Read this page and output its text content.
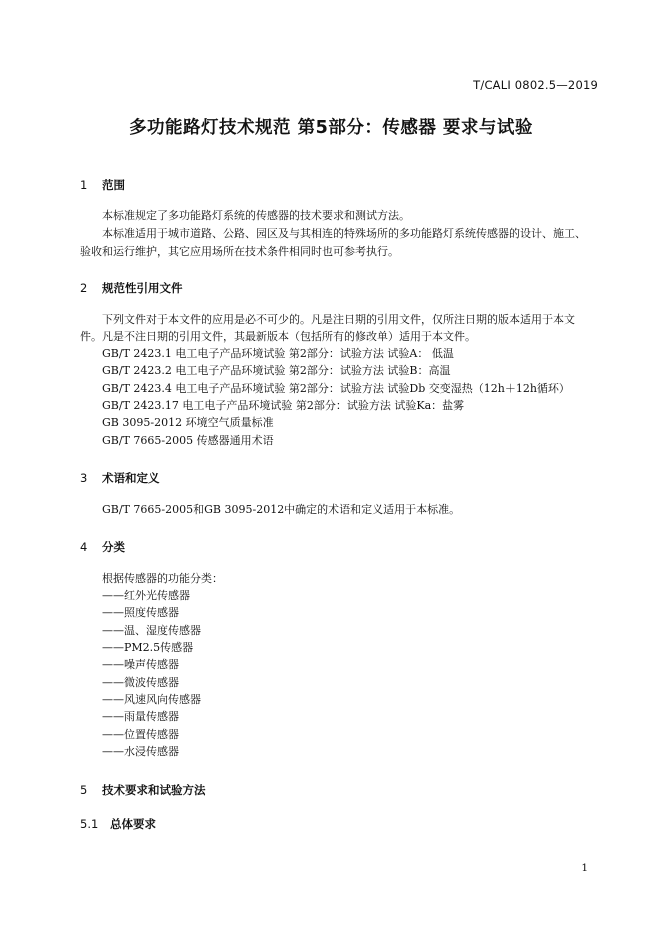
T/CALI 0802.5—2019
多功能路灯技术规范 第5部分：传感器 要求与试验
1 范围
本标准规定了多功能路灯系统的传感器的技术要求和测试方法。
本标准适用于城市道路、公路、园区及与其相连的特殊场所的多功能路灯系统传感器的设计、施工、
验收和运行维护，其它应用场所在技术条件相同时也可参考执行。
2 规范性引用文件
下列文件对于本文件的应用是必不可少的。凡是注日期的引用文件，仅所注日期的版本适用于本文
件。凡是不注日期的引用文件，其最新版本（包括所有的修改单）适用于本文件。
GB/T 2423.1 电工电子产品环境试验 第2部分：试验方法 试验A： 低温
GB/T 2423.2 电工电子产品环境试验 第2部分：试验方法 试验B：高温
GB/T 2423.4 电工电子产品环境试验 第2部分：试验方法 试验Db 交变湿热（12h＋12h循环）
GB/T 2423.17 电工电子产品环境试验 第2部分：试验方法 试验Ka：盐雾
GB 3095-2012 环境空气质量标准
GB/T 7665-2005 传感器通用术语
3 术语和定义
GB/T 7665-2005和GB 3095-2012中确定的术语和定义适用于本标准。
4 分类
根据传感器的功能分类：
——红外光传感器
——照度传感器
——温、湿度传感器
——PM2.5传感器
——噪声传感器
——微波传感器
——风速风向传感器
——雨量传感器
——位置传感器
——水浸传感器
5 技术要求和试验方法
5.1 总体要求
1
